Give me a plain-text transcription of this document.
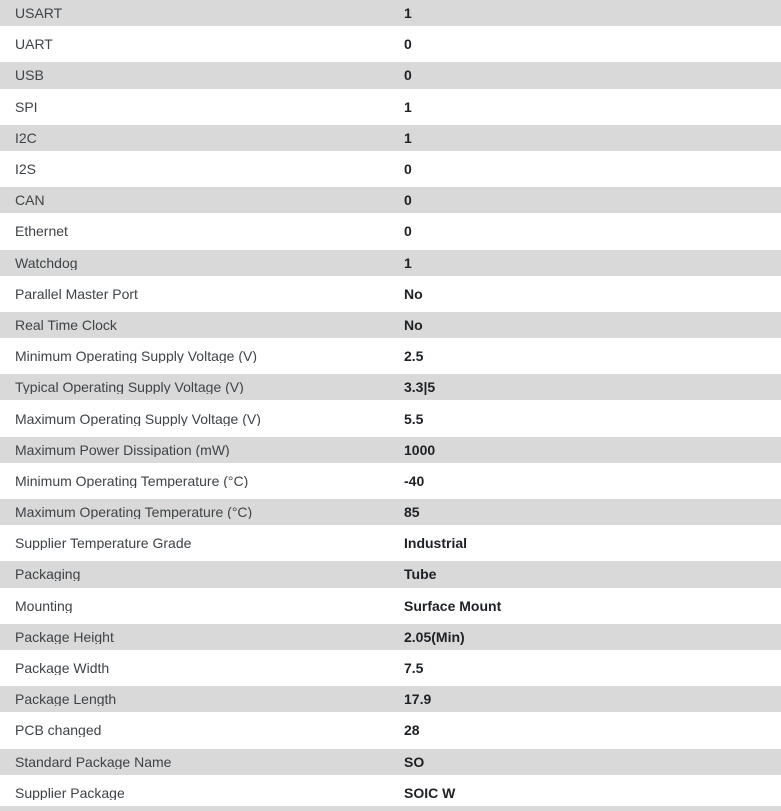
USART	1
UART	0
USB	0
SPI	1
I2C	1
I2S	0
CAN	0
Ethernet	0
Watchdog	1
Parallel Master Port	No
Real Time Clock	No
Minimum Operating Supply Voltage (V)	2.5
Typical Operating Supply Voltage (V)	3.3|5
Maximum Operating Supply Voltage (V)	5.5
Maximum Power Dissipation (mW)	1000
Minimum Operating Temperature (°C)	-40
Maximum Operating Temperature (°C)	85
Supplier Temperature Grade	Industrial
Packaging	Tube
Mounting	Surface Mount
Package Height	2.05(Min)
Package Width	7.5
Package Length	17.9
PCB changed	28
Standard Package Name	SO
Supplier Package	SOIC W
